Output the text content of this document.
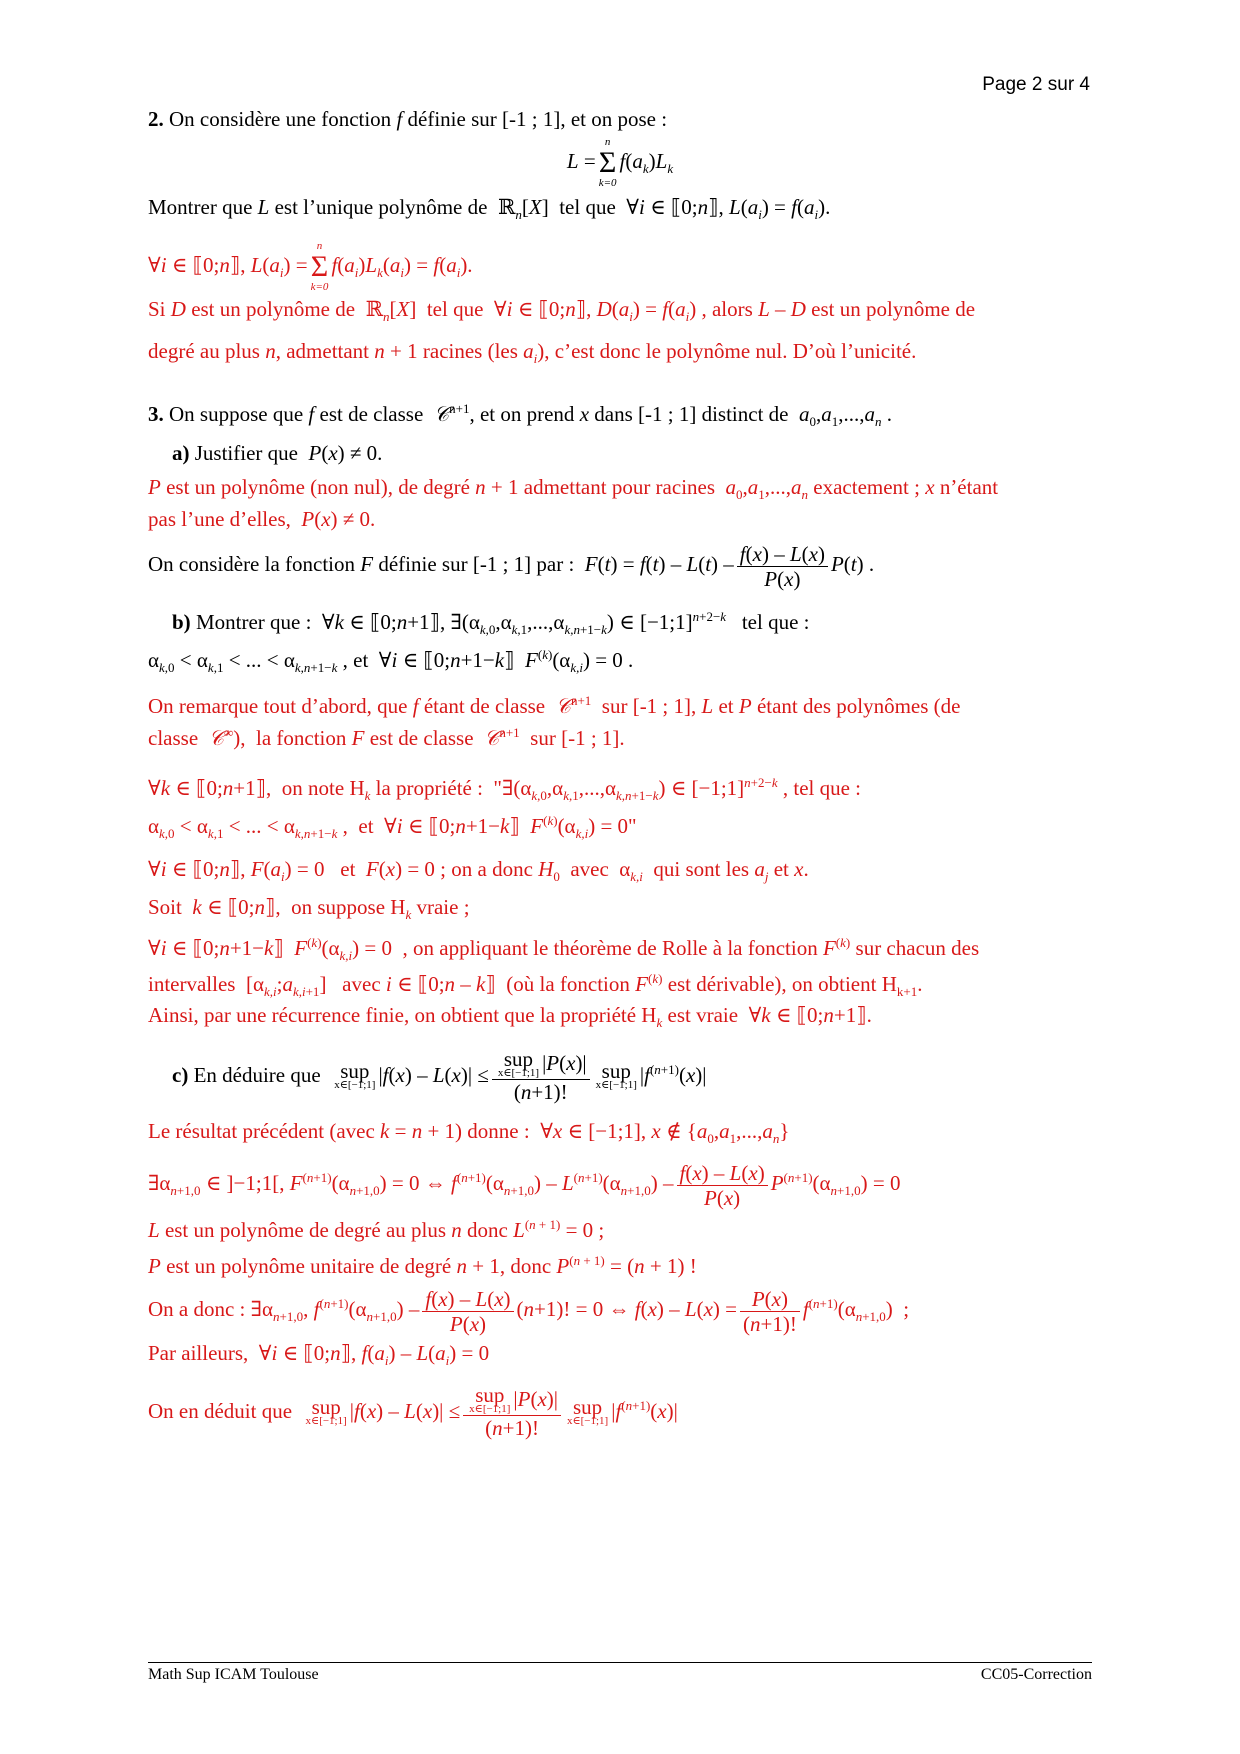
Page 2 sur 4
2. On considère une fonction f définie sur [-1 ; 1], et on pose :
L =
n
Σ
k=0
$f(a_k)L_k$
Montrer que L est l’unique polynôme de  ℝ$_n$[X]  tel que  ∀i ∈ ⟦0;n⟧, $L(a_i) = f(a_i)$.
∀i ∈ ⟦0;n⟧, $L(a_i)$ =
n
Σ
k=0
$f(a_i)L_k(a_i) = f(a_i)$.
Si D est un polynôme de  ℝ$_n$[X]  tel que  ∀i ∈ ⟦0;n⟧, $D(a_i) = f(a_i)$ , alors L – D est un polynôme de
degré au plus n, admettant n + 1 racines (les $a_i$), c’est donc le polynôme nul. D’où l’unicité.
3. On suppose que f est de classe  𝒞$^{n+1}$, et on prend x dans [-1 ; 1] distinct de  $a_0,a_1,...,a_n$ .
a) Justifier que  P(x) ≠ 0.
P est un polynôme (non nul), de degré n + 1 admettant pour racines  $a_0,a_1,...,a_n$ exactement ; x n’étant
pas l’une d’elles,  P(x) ≠ 0.
On considère la fonction F définie sur [-1 ; 1] par :  $F(t) = f(t) - L(t) - \frac{f(x) - L(x)}{P(x)} P(t)$ .
b) Montrer que :  ∀k ∈ ⟦0;n+1⟧, $\exists(\alpha_{k,0},\alpha_{k,1},...,\alpha_{k,n+1-k})$ ∈ [−1;1]$^{n+2-k}$   tel que :
$\alpha_{k,0} < \alpha_{k,1}$ < ... < $\alpha_{k,n+1-k}$ , et  ∀i ∈ ⟦0;n+1−k⟧  $F^{(k)}(\alpha_{k,i}) = 0$ .
On remarque tout d’abord, que f étant de classe  𝒞$^{n+1}$  sur [-1 ; 1], L et P étant des polynômes (de
classe  𝒞∞),  la fonction F est de classe  𝒞$^{n+1}$  sur [-1 ; 1].
∀k ∈ ⟦0;n+1⟧,  on note $H_k$ la propriété :  "$\exists(\alpha_{k,0},\alpha_{k,1},...,\alpha_{k,n+1-k})$ ∈ [−1;1]$^{n+2-k}$ , tel que :
$\alpha_{k,0} < \alpha_{k,1}$ < ... < $\alpha_{k,n+1-k}$ ,  et  ∀i ∈ ⟦0;n+1−k⟧  $F^{(k)}(\alpha_{k,i}) = 0$"
∀i ∈ ⟦0;n⟧, $F(a_i) = 0$   et  F(x) = 0 ; on a donc $H_0$  avec  $\alpha_{k,i}$  qui sont les $a_j$ et x.
Soit  k ∈ ⟦0;n⟧,  on suppose $H_k$ vraie ;
∀i ∈ ⟦0;n+1−k⟧  $F^{(k)}(\alpha_{k,i}) = 0$  , on appliquant le théorème de Rolle à la fonction $F^{(k)}$ sur chacun des
intervalles  $[\alpha_{k,i};a_{k,i+1}]$   avec i ∈ ⟦0;n – k⟧  (où la fonction $F^{(k)}$ est dérivable), on obtient $H_{k+1}$.
Ainsi, par une récurrence finie, on obtient que la propriété $H_k$ est vraie  ∀k ∈ ⟦0;n+1⟧.
c) En déduire que  sup
x∈[−1;1] |f(x) – L(x)| ≤ sup
x∈[−1;1] |P(x)|
(n+1)! sup
x∈[−1;1] $|f^{(n+1)}(x)|$
Le résultat précédent (avec k = n + 1) donne :  ∀x ∈ [−1;1], x ∉ $\{a_0,a_1,...,a_n\}$
$\exists\alpha_{n+1,0}$ ∈ ]−1;1[, $F^{(n+1)}(\alpha_{n+1,0}) = 0$ ⇔ $f^{(n+1)}(\alpha_{n+1,0}) - L^{(n+1)}(\alpha_{n+1,0}) - \frac{f(x) - L(x)}{P(x)} P^{(n+1)}(\alpha_{n+1,0}) = 0$
L est un polynôme de degré au plus n donc $L^{(n + 1)} = 0$ ;
P est un polynôme unitaire de degré n + 1, donc $P^{(n + 1)} = (n + 1)$ !
On a donc : $\exists\alpha_{n+1,0}$, $f^{(n+1)}(\alpha_{n+1,0}) - \frac{f(x) - L(x)}{P(x)} (n+1)$! = 0 ⇔ $f(x) - L(x) = \frac{P(x)}{(n+1)!} f^{(n+1)}(\alpha_{n+1,0})$  ;
Par ailleurs,  ∀i ∈ ⟦0;n⟧, $f(a_i) - L(a_i) = 0$
On en déduit que  sup
x∈[−1;1] |f(x) – L(x)| ≤ sup
x∈[−1;1] |P(x)|
(n+1)! sup
x∈[−1;1] $|f^{(n+1)}(x)|$
Math Sup ICAM Toulouse	CC05-Correction
